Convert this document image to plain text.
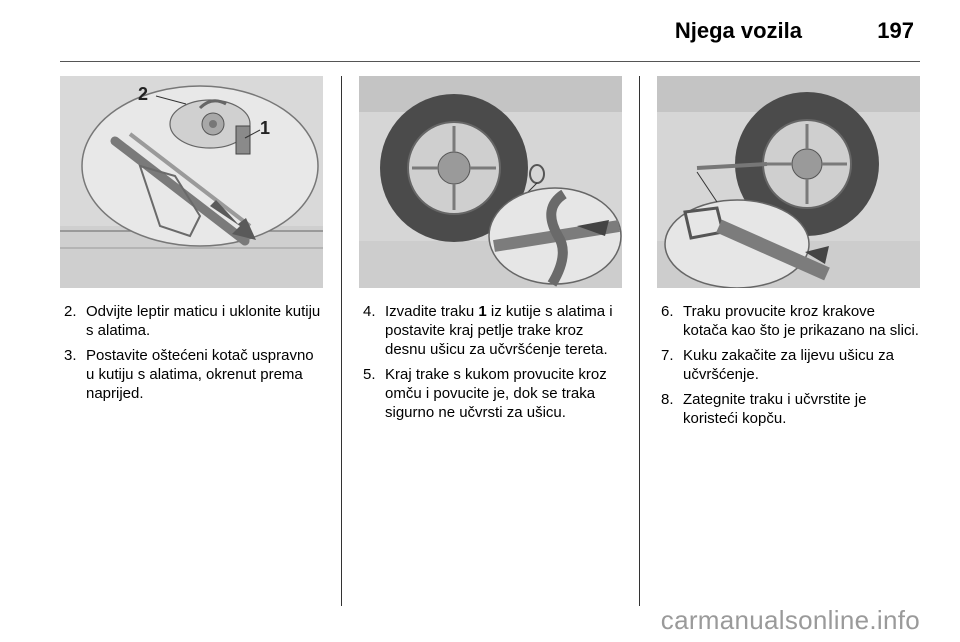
Njega vozila	197
2
1
2. Odvijte leptir maticu i uklonite kutiju s alatima.
3. Postavite oštećeni kotač uspravno u kutiju s alatima, okrenut prema naprijed.
4. Izvadite traku 1 iz kutije s alatima i postavite kraj petlje trake kroz desnu ušicu za učvršćenje tereta.
5. Kraj trake s kukom provucite kroz omču i povucite je, dok se traka sigurno ne učvrsti za ušicu.
6. Traku provucite kroz krakove kotača kao što je prikazano na slici.
7. Kuku zakačite za lijevu ušicu za učvršćenje.
8. Zategnite traku i učvrstite je koristeći kopču.
carmanualsonline.info
